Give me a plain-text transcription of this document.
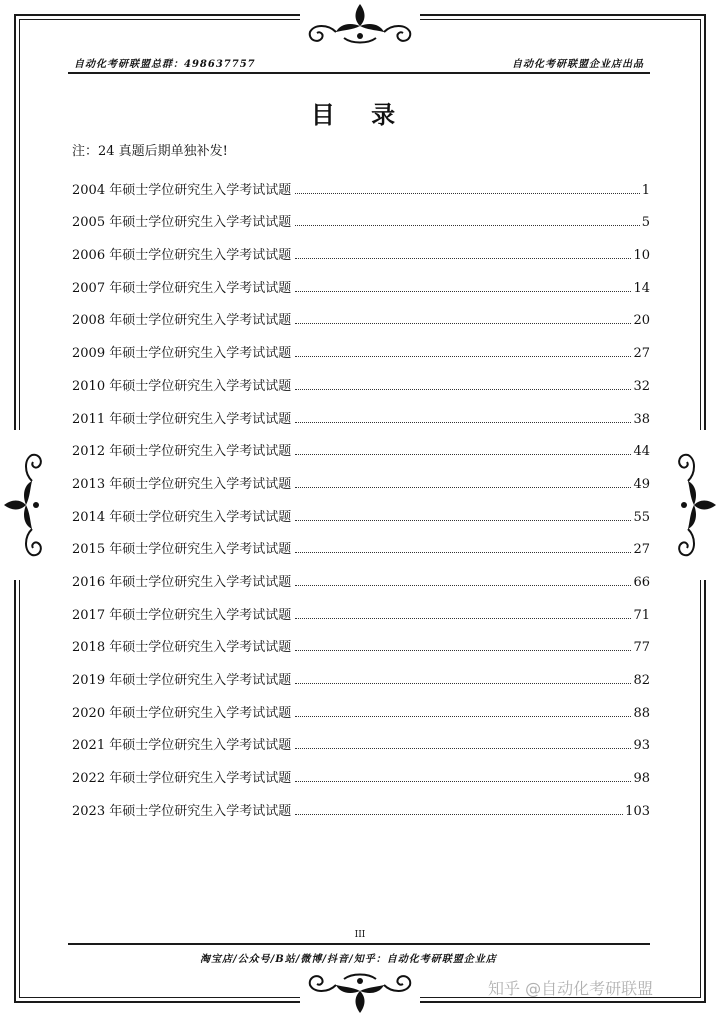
自动化考研联盟总群：498637757	自动化考研联盟企业店出品
目 录
注：24 真题后期单独补发!
2004 年硕士学位研究生入学考试试题	1
2005 年硕士学位研究生入学考试试题	5
2006 年硕士学位研究生入学考试试题	10
2007 年硕士学位研究生入学考试试题	14
2008 年硕士学位研究生入学考试试题	20
2009 年硕士学位研究生入学考试试题	27
2010 年硕士学位研究生入学考试试题	32
2011 年硕士学位研究生入学考试试题	38
2012 年硕士学位研究生入学考试试题	44
2013 年硕士学位研究生入学考试试题	49
2014 年硕士学位研究生入学考试试题	55
2015 年硕士学位研究生入学考试试题	27
2016 年硕士学位研究生入学考试试题	66
2017 年硕士学位研究生入学考试试题	71
2018 年硕士学位研究生入学考试试题	77
2019 年硕士学位研究生入学考试试题	82
2020 年硕士学位研究生入学考试试题	88
2021 年硕士学位研究生入学考试试题	93
2022 年硕士学位研究生入学考试试题	98
2023 年硕士学位研究生入学考试试题	103
III
淘宝店/公众号/B站/微博/抖音/知乎：自动化考研联盟企业店
知乎 @自动化考研联盟
